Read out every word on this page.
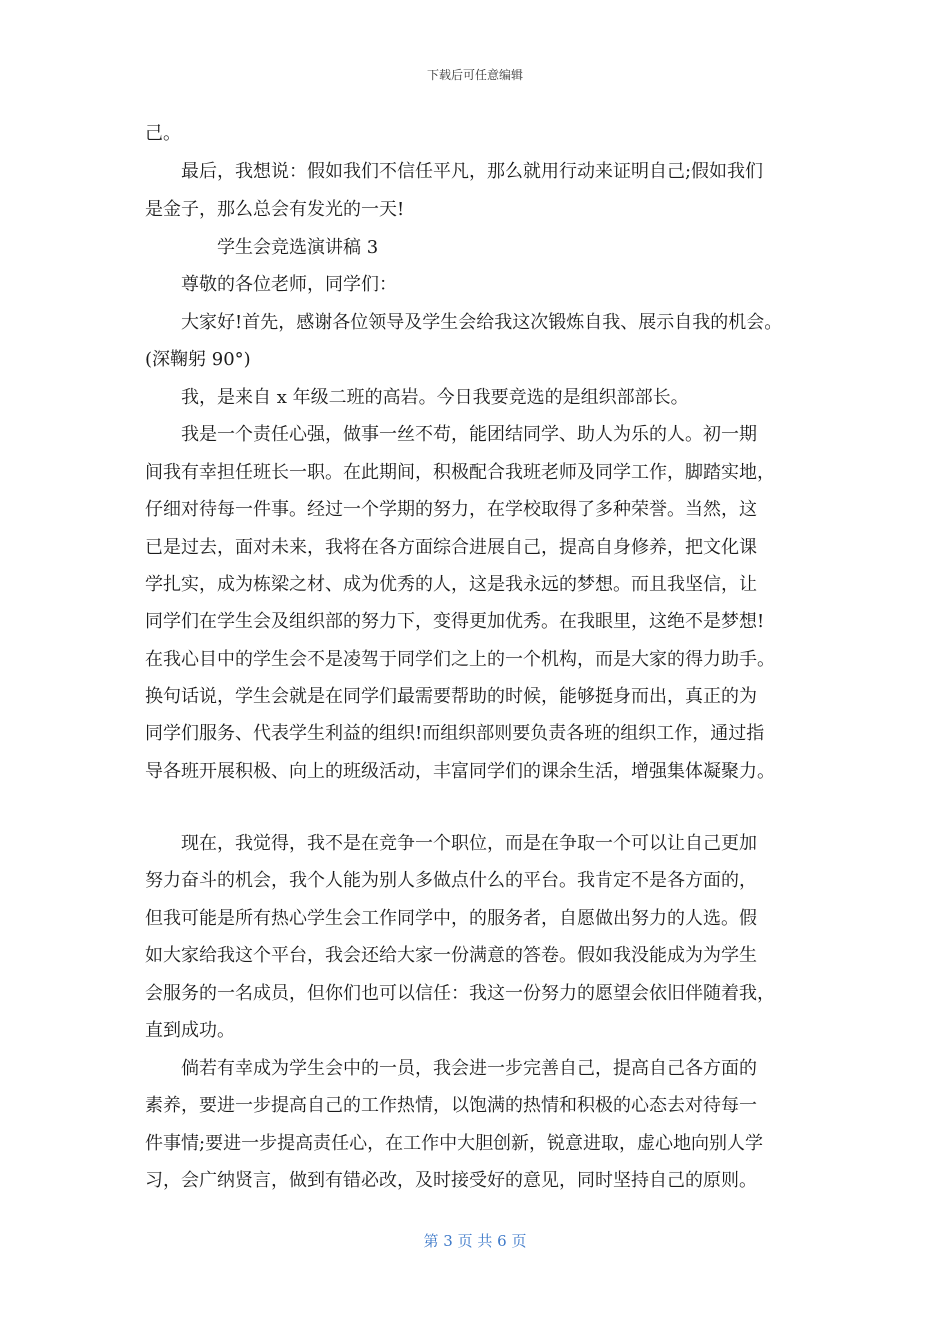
下载后可任意编辑
己。
最后，我想说：假如我们不信任平凡，那么就用行动来证明自己;假如我们
是金子，那么总会有发光的一天!
学生会竞选演讲稿 3
尊敬的各位老师，同学们：
大家好!首先，感谢各位领导及学生会给我这次锻炼自我、展示自我的机会。
(深鞠躬 90°)
我，是来自 x 年级二班的高岩。今日我要竞选的是组织部部长。
我是一个责任心强，做事一丝不苟，能团结同学、助人为乐的人。初一期
间我有幸担任班长一职。在此期间，积极配合我班老师及同学工作，脚踏实地，
仔细对待每一件事。经过一个学期的努力，在学校取得了多种荣誉。当然，这
已是过去，面对未来，我将在各方面综合进展自己，提高自身修养，把文化课
学扎实，成为栋梁之材、成为优秀的人，这是我永远的梦想。而且我坚信，让
同学们在学生会及组织部的努力下，变得更加优秀。在我眼里，这绝不是梦想!
在我心目中的学生会不是凌驾于同学们之上的一个机构，而是大家的得力助手。
换句话说，学生会就是在同学们最需要帮助的时候，能够挺身而出，真正的为
同学们服务、代表学生利益的组织!而组织部则要负责各班的组织工作，通过指
导各班开展积极、向上的班级活动，丰富同学们的课余生活，增强集体凝聚力。
现在，我觉得，我不是在竞争一个职位，而是在争取一个可以让自己更加
努力奋斗的机会，我个人能为别人多做点什么的平台。我肯定不是各方面的，
但我可能是所有热心学生会工作同学中，的服务者，自愿做出努力的人选。假
如大家给我这个平台，我会还给大家一份满意的答卷。假如我没能成为为学生
会服务的一名成员，但你们也可以信任：我这一份努力的愿望会依旧伴随着我，
直到成功。
倘若有幸成为学生会中的一员，我会进一步完善自己，提高自己各方面的
素养，要进一步提高自己的工作热情，以饱满的热情和积极的心态去对待每一
件事情;要进一步提高责任心，在工作中大胆创新，锐意进取，虚心地向别人学
习，会广纳贤言，做到有错必改，及时接受好的意见，同时坚持自己的原则。
第 3 页 共 6 页
